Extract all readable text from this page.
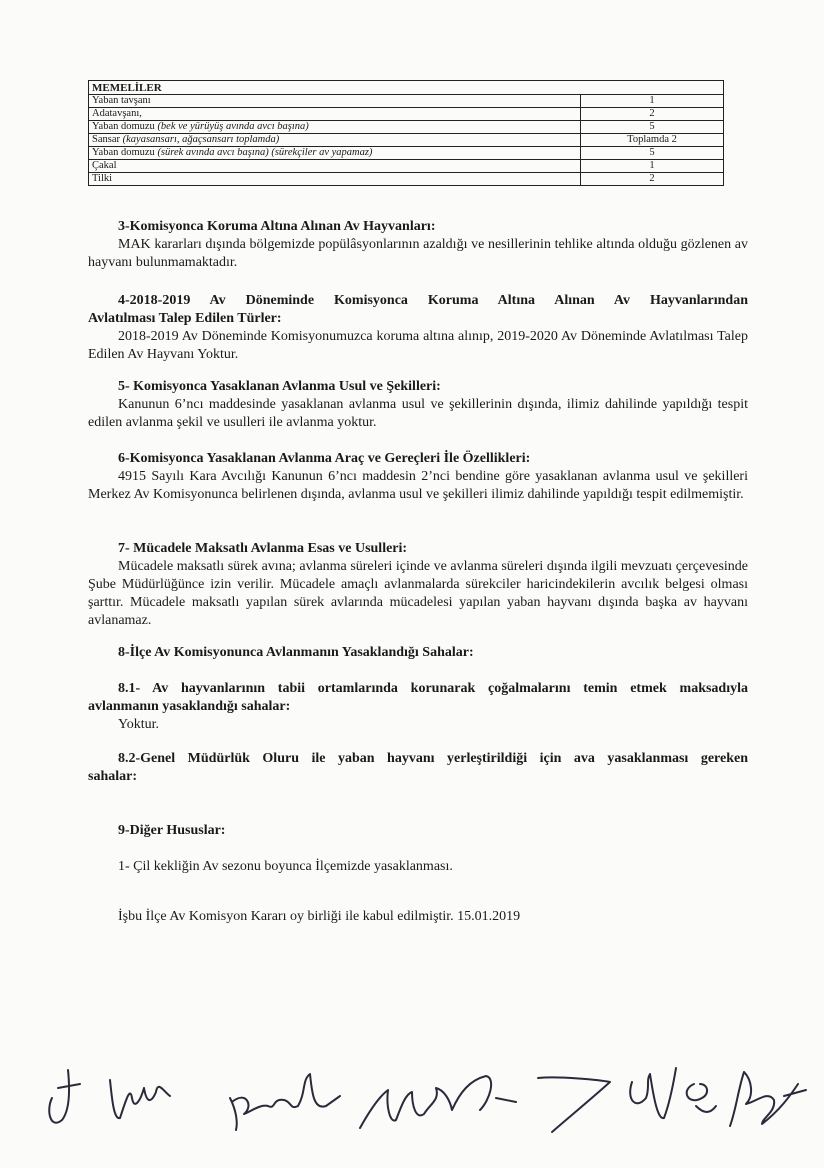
MEMELİLER	
Yaban tavşanı	1
Adatavşanı,	2
Yaban domuzu (bek ve yürüyüş avında avcı başına)	5
Sansar (kayasansarı, ağaçsansarı toplamda)	Toplamda 2
Yaban domuzu (sürek avında avcı başına) (sürekçiler av yapamaz)	5
Çakal	1
Tilki	2
3-Komisyonca Koruma Altına Alınan Av Hayvanları:
MAK kararları dışında bölgemizde popülâsyonlarının azaldığı ve nesillerinin tehlike altında olduğu gözlenen av hayvanı bulunmamaktadır.
4-2018-2019 Av Döneminde Komisyonca Koruma Altına Alınan Av Hayvanlarından
Avlatılması Talep Edilen Türler:
2018-2019 Av Döneminde Komisyonumuzca koruma altına alınıp, 2019-2020 Av Döneminde Avlatılması Talep Edilen Av Hayvanı Yoktur.
5- Komisyonca Yasaklanan Avlanma Usul ve Şekilleri:
Kanunun 6’ncı maddesinde yasaklanan avlanma usul ve şekillerinin dışında, ilimiz dahilinde yapıldığı tespit edilen avlanma şekil ve usulleri ile avlanma yoktur.
6-Komisyonca Yasaklanan Avlanma Araç ve Gereçleri İle Özellikleri:
4915 Sayılı Kara Avcılığı Kanunun 6’ncı maddesin 2’nci bendine göre yasaklanan avlanma usul ve şekilleri Merkez Av Komisyonunca belirlenen dışında, avlanma usul ve şekilleri ilimiz dahilinde yapıldığı tespit edilmemiştir.
7- Mücadele Maksatlı Avlanma Esas ve Usulleri:
Mücadele maksatlı sürek avına; avlanma süreleri içinde ve avlanma süreleri dışında ilgili mevzuatı çerçevesinde Şube Müdürlüğünce izin verilir. Mücadele amaçlı avlanmalarda sürekciler haricindekilerin avcılık belgesi olması şarttır. Mücadele maksatlı yapılan sürek avlarında mücadelesi yapılan yaban hayvanı dışında başka av hayvanı avlanamaz.
8-İlçe Av Komisyonunca Avlanmanın Yasaklandığı Sahalar:
8.1- Av hayvanlarının tabii ortamlarında korunarak çoğalmalarını temin etmek maksadıyla
avlanmanın yasaklandığı sahalar:
Yoktur.
8.2-Genel Müdürlük Oluru ile yaban hayvanı yerleştirildiği için ava yasaklanması gereken
sahalar:
9-Diğer Hususlar:
1- Çil kekliğin Av sezonu boyunca İlçemizde yasaklanması.
İşbu İlçe Av Komisyon Kararı oy birliği ile kabul edilmiştir. 15.01.2019
